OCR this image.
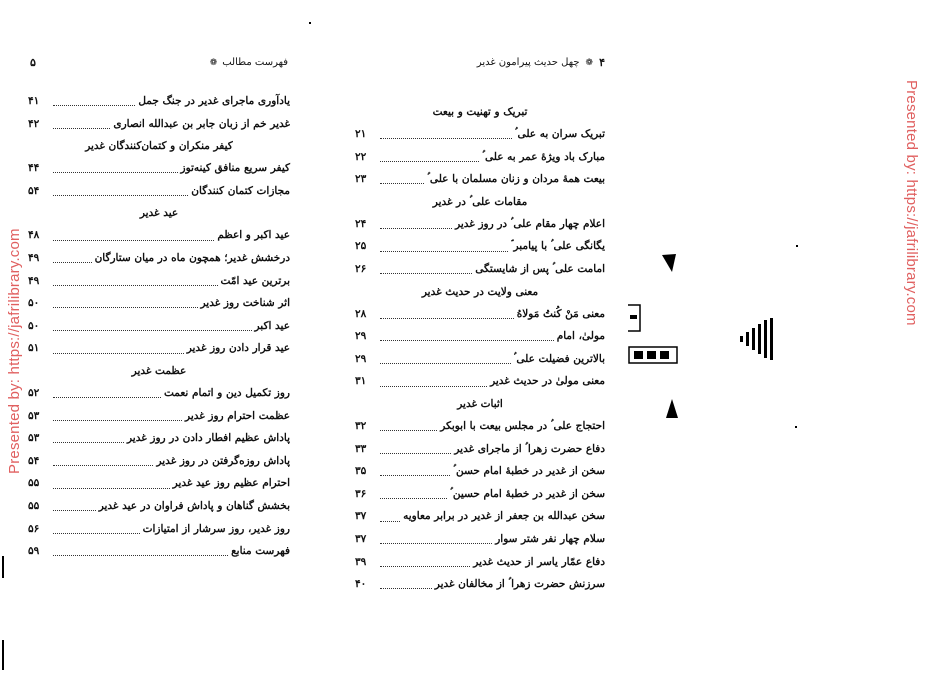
فهرست مطالب
❁
۵	۴
❁
چهل حدیث پیرامون غدیر
یادآوری ماجرای غدیر در جنگ جمل
۴۱
غدیر خم از زبان جابر بن عبدالله انصاری
۴۲
کیفر منکران و کتمان‌کنندگان غدیر
کیفر سریع منافق کینه‌توز
۴۴
مجازات کتمان کنندگان
۵۴
عید غدیر
عید اکبر و اعظم
۴۸
درخشش غدیر؛ همچون ماه در میان ستارگان
۴۹
برترین عید امّت
۴۹
اثر شناخت روز غدیر
۵۰
عید اکبر
۵۰
عید قرار دادن روز غدیر
۵۱
عظمت غدیر
روز تکمیل دین و اتمام نعمت
۵۲
عظمت احترام روز غدیر
۵۳
پاداش عظیم افطار دادن در روز غدیر
۵۳
پاداش روزه‌گرفتن در روز غدیر
۵۴
احترام عظیم روز عید غدیر
۵۵
بخشش گناهان و پاداش فراوان در عید غدیر
۵۵
روز غدیر، روز سرشار از امتیازات
۵۶
فهرست منابع
۵۹
تبریک و تهنیت و بیعت
تبریک سران به علی ؑ
۲۱
مبارک باد ویژهٔ عمر به علی ؑ
۲۲
بیعت همهٔ مردان و زنان مسلمان با علی ؑ
۲۳
مقامات علی ؑ در غدیر
اعلام چهار مقام علی ؑ در روز غدیر
۲۴
یگانگی علی ؑ با پیامبر ؐ
۲۵
امامت علی ؑ پس از شایستگی
۲۶
معنی ولایت در حدیث غدیر
معنی مَنْ کُنتُ مَولاهُ
۲۸
مولیٰ، امام
۲۹
بالاترین فضیلت علی ؑ
۲۹
معنی مولیٰ در حدیث غدیر
۳۱
اثبات غدیر
احتجاج علی ؑ در مجلس بیعت با ابوبکر
۳۲
دفاع حضرت زهرا ؑ از ماجرای غدیر
۳۳
سخن از غدیر در خطبهٔ امام حسن ؑ
۳۵
سخن از غدیر در خطبهٔ امام حسین ؑ
۳۶
سخن عبدالله بن جعفر از غدیر در برابر معاویه
۳۷
سلام چهار نفر شتر سوار
۳۷
دفاع عمّار یاسر از حدیث غدیر
۳۹
سرزنش حضرت زهرا ؑ از مخالفان غدیر
۴۰
Presented by: https://jafrilibrary.com
Presented by: https://jafrilibrary.com
